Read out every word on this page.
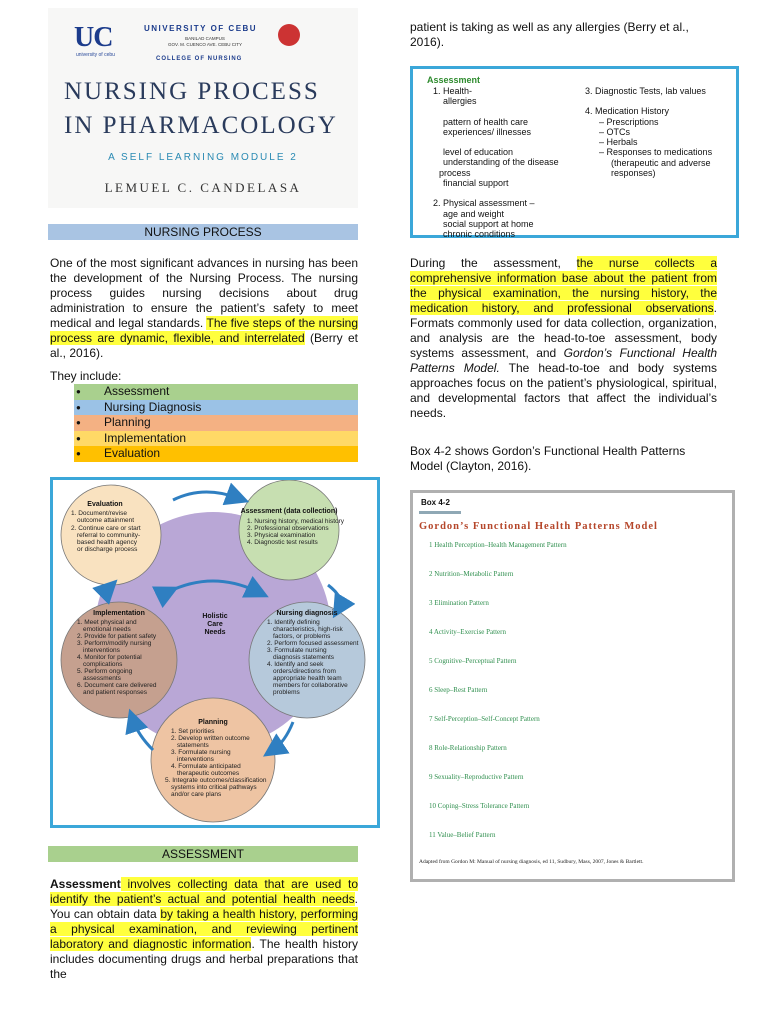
UC
university of cebu
UNIVERSITY OF CEBU
BANILAD CAMPUS
GOV. M. CUENCO AVE. CEBU CITY
COLLEGE OF NURSING
NURSING PROCESS
IN PHARMACOLOGY
A SELF LEARNING MODULE 2
LEMUEL C. CANDELASA
NURSING PROCESS
One of the most significant advances in nursing has been the development of the Nursing Process. The nursing process guides nursing decisions about drug administration to ensure the patient’s safety to meet medical and legal standards. The five steps of the nursing process are dynamic, flexible, and interrelated (Berry et al., 2016).
They include:
●	Assessment
●	Nursing Diagnosis
●	Planning
●	Implementation
●	Evaluation
Holistic
Care
Needs
Evaluation
1. Document/revise
outcome attainment
2. Continue care or start
referral to community-
based health agency
or discharge process
Assessment (data collection)
1. Nursing history, medical history
2. Professional observations
3. Physical examination
4. Diagnostic test results
Nursing diagnosis
1. Identify defining
characteristics, high-risk
factors, or problems
2. Perform focused assessment
3. Formulate nursing
diagnosis statements
4. Identify and seek
orders/directions from
appropriate health team
members for collaborative
problems
Implementation
1. Meet physical and
emotional needs
2. Provide for patient safety
3. Perform/modify nursing
interventions
4. Monitor for potential
complications
5. Perform ongoing
assessments
6. Document care delivered
and patient responses
Planning
1. Set priorities
2. Develop written outcome
statements
3. Formulate nursing
interventions
4. Formulate anticipated
therapeutic outcomes
5. Integrate outcomes/classification
systems into critical pathways
and/or care plans
ASSESSMENT
Assessment involves collecting data that are used to identify the patient’s actual and potential health needs. You can obtain data by taking a health history, performing a physical examination, and reviewing pertinent laboratory and diagnostic information. The health history includes documenting drugs and herbal preparations that the
patient is taking as well as any allergies (Berry et al., 2016).
Assessment
1. Health-
allergies
pattern of health care
experiences/ illnesses
level of education
understanding of the disease
process
financial support
2. Physical assessment –
age and weight
social support at home
chronic conditions
3. Diagnostic Tests, lab values
4. Medication History
– Prescriptions
– OTCs
– Herbals
– Responses to medications
(therapeutic and adverse
responses)
During the assessment, the nurse collects a comprehensive information base about the patient from the physical examination, the nursing history, the medication history, and professional observations. Formats commonly used for data collection, organization, and analysis are the head-to-toe assessment, body systems assessment, and Gordon’s Functional Health Patterns Model. The head-to-toe and body systems approaches focus on the patient’s physiological, spiritual, and developmental factors that affect the individual’s needs.
Box 4-2 shows Gordon’s Functional Health Patterns Model (Clayton, 2016).
Box 4-2
Gordon’s Functional Health Patterns Model
1 Health Perception–Health Management Pattern
2 Nutrition–Metabolic Pattern
3 Elimination Pattern
4 Activity–Exercise Pattern
5 Cognitive–Perceptual Pattern
6 Sleep–Rest Pattern
7 Self-Perception–Self-Concept Pattern
8 Role-Relationship Pattern
9 Sexuality–Reproductive Pattern
10 Coping–Stress Tolerance Pattern
11 Value–Belief Pattern
Adapted from Gordon M: Manual of nursing diagnosis, ed 11, Sudbury, Mass, 2007, Jones & Bartlett.
